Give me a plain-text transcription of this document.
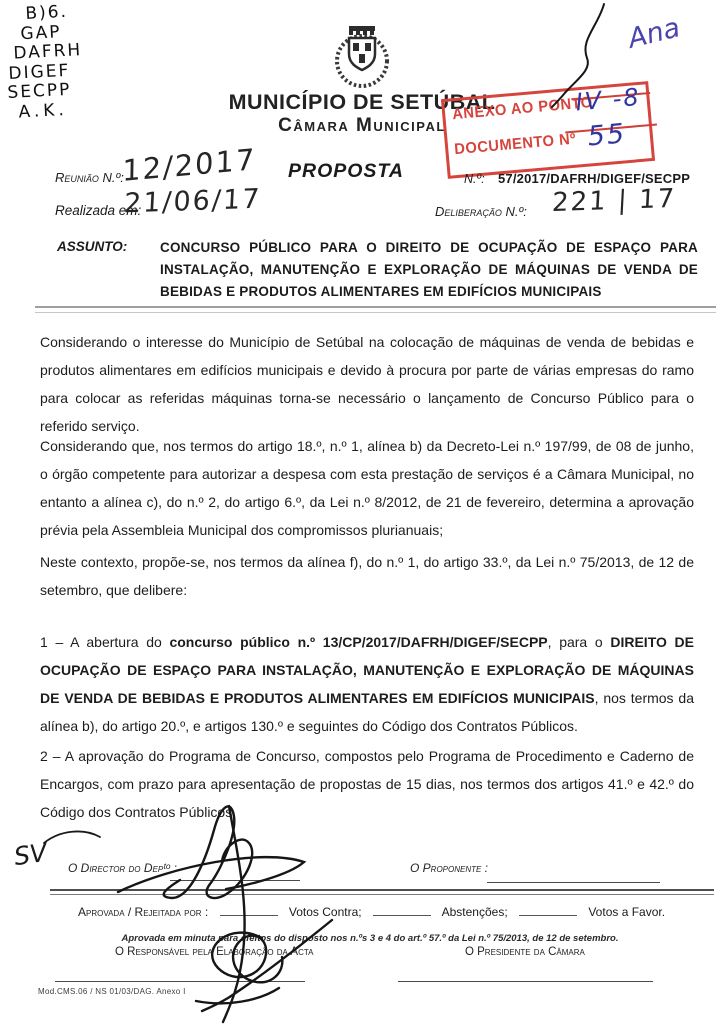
B)6.
GAP
DAFRH
DIGEF
SECPP
A.K.
Ana
MUNICÍPIO DE SETÚBAL
Câmara Municipal
ANEXO AO PONTO
IV -8
DOCUMENTO Nº 55
Reunião N.º:
12/2017
Realizada em:
21/06/17
PROPOSTA	N.º: 57/2017/DAFRH/DIGEF/SECPP
Deliberação N.º: 221 | 17
ASSUNTO: CONCURSO PÚBLICO PARA O DIREITO DE OCUPAÇÃO DE ESPAÇO PARA INSTALAÇÃO, MANUTENÇÃO E EXPLORAÇÃO DE MÁQUINAS DE VENDA DE BEBIDAS E PRODUTOS ALIMENTARES EM EDIFÍCIOS MUNICIPAIS
Considerando o interesse do Município de Setúbal na colocação de máquinas de venda de bebidas e produtos alimentares em edifícios municipais e devido à procura por parte de várias empresas do ramo para colocar as referidas máquinas torna-se necessário o lançamento de Concurso Público para o referido serviço.
Considerando que, nos termos do artigo 18.º, n.º 1, alínea b) da Decreto-Lei n.º 197/99, de 08 de junho, o órgão competente para autorizar a despesa com esta prestação de serviços é a Câmara Municipal, no entanto a alínea c), do n.º 2, do artigo 6.º, da Lei n.º 8/2012, de 21 de fevereiro, determina a aprovação prévia pela Assembleia Municipal dos compromissos plurianuais;
Neste contexto, propõe-se, nos termos da alínea f), do n.º 1, do artigo 33.º, da Lei n.º 75/2013, de 12 de setembro, que delibere:
1 – A abertura do concurso público n.º 13/CP/2017/DAFRH/DIGEF/SECPP, para o DIREITO DE OCUPAÇÃO DE ESPAÇO PARA INSTALAÇÃO, MANUTENÇÃO E EXPLORAÇÃO DE MÁQUINAS DE VENDA DE BEBIDAS E PRODUTOS ALIMENTARES EM EDIFÍCIOS MUNICIPAIS, nos termos da alínea b), do artigo 20.º, e artigos 130.º e seguintes do Código dos Contratos Públicos.
2 – A aprovação do Programa de Concurso, compostos pelo Programa de Procedimento e Caderno de Encargos, com prazo para apresentação de propostas de 15 dias, nos termos dos artigos 41.º e 42.º do Código dos Contratos Públicos.
SV O Director do Depᵗᵒ :	O Proponente :
Aprovada / Rejeitada por :	Votos Contra;	Abstenções;	Votos a Favor.
Aprovada em minuta para efeitos do disposto nos n.ºs 3 e 4 do art.º 57.º da Lei n.º 75/2013, de 12 de setembro.
O Responsável pela Elaboração da Acta	O Presidente da Câmara
Mod.CMS.06 / NS 01/03/DAG. Anexo I
